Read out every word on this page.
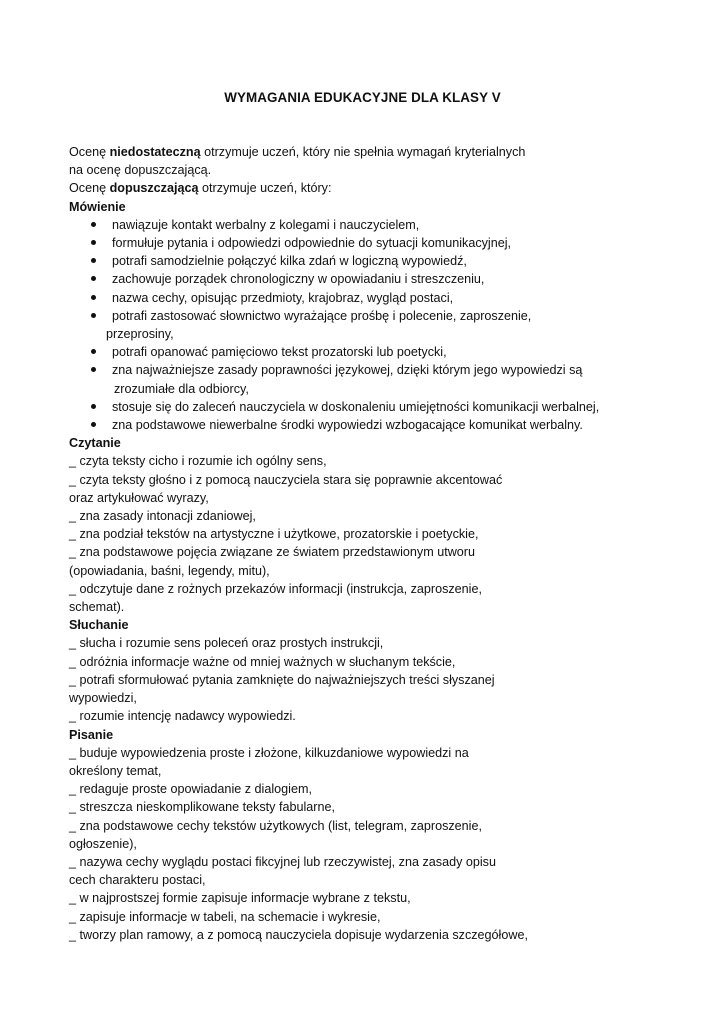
WYMAGANIA EDUKACYJNE DLA KLASY V

Ocenę niedostateczną otrzymuje uczeń, który nie spełnia wymagań kryterialnych

na ocenę dopuszczającą.

Ocenę dopuszczającą otrzymuje uczeń, który:

Mówienie

nawiązuje kontakt werbalny z kolegami i nauczycielem,
formułuje pytania i odpowiedzi odpowiednie do sytuacji komunikacyjnej,
potrafi samodzielnie połączyć kilka zdań w logiczną wypowiedź,
zachowuje porządek chronologiczny w opowiadaniu i streszczeniu,
nazwa cechy, opisując przedmioty, krajobraz, wygląd postaci,
potrafi zastosować słownictwo wyrażające prośbę i polecenie, zaproszenie,
przeprosiny,
potrafi opanować pamięciowo tekst prozatorski lub poetycki,
zna najważniejsze zasady poprawności językowej, dzięki którym jego wypowiedzi są
zrozumiałe dla odbiorcy,
stosuje się do zaleceń nauczyciela w doskonaleniu umiejętności komunikacji werbalnej,
zna podstawowe niewerbalne środki wypowiedzi wzbogacające komunikat werbalny.

Czytanie

_ czyta teksty cicho i rozumie ich ogólny sens,

_ czyta teksty głośno i z pomocą nauczyciela stara się poprawnie akcentować

oraz artykułować wyrazy,

_ zna zasady intonacji zdaniowej,

_ zna podział tekstów na artystyczne i użytkowe, prozatorskie i poetyckie,

_ zna podstawowe pojęcia związane ze światem przedstawionym utworu

(opowiadania, baśni, legendy, mitu),

_ odczytuje dane z rożnych przekazów informacji (instrukcja, zaproszenie,

schemat).

Słuchanie

_ słucha i rozumie sens poleceń oraz prostych instrukcji,

_ odróżnia informacje ważne od mniej ważnych w słuchanym tekście,

_ potrafi sformułować pytania zamknięte do najważniejszych treści słyszanej

wypowiedzi,

_ rozumie intencję nadawcy wypowiedzi.

Pisanie

_ buduje wypowiedzenia proste i złożone, kilkuzdaniowe wypowiedzi na

określony temat,

_ redaguje proste opowiadanie z dialogiem,

_ streszcza nieskomplikowane teksty fabularne,

_ zna podstawowe cechy tekstów użytkowych (list, telegram, zaproszenie,

ogłoszenie),

_ nazywa cechy wyglądu postaci fikcyjnej lub rzeczywistej, zna zasady opisu

cech charakteru postaci,

_ w najprostszej formie zapisuje informacje wybrane z tekstu,

_ zapisuje informacje w tabeli, na schemacie i wykresie,

_ tworzy plan ramowy, a z pomocą nauczyciela dopisuje wydarzenia szczegółowe,
